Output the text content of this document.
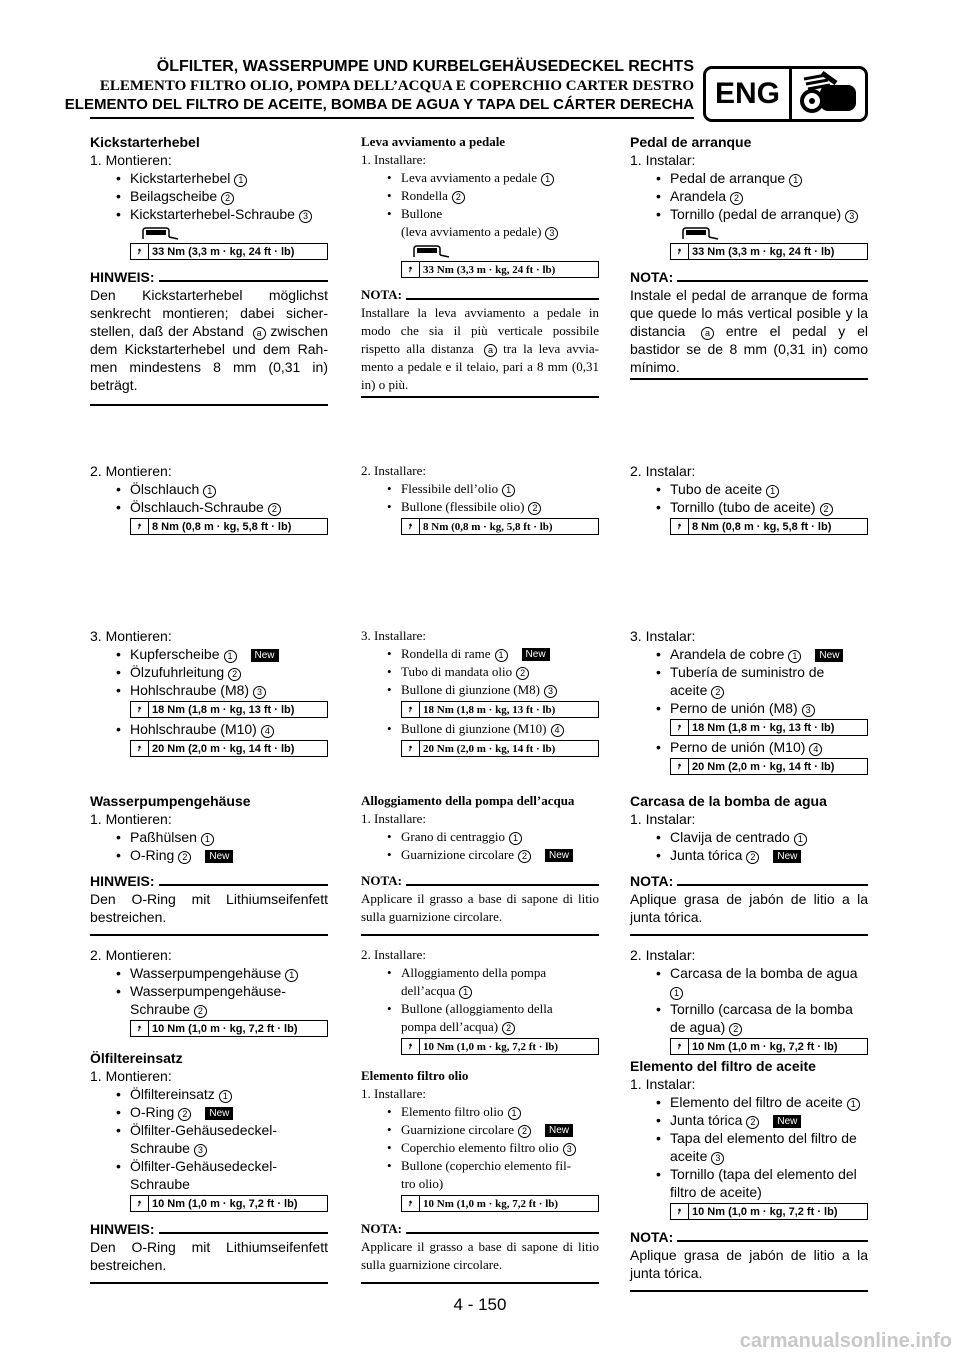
ÖLFILTER, WASSERPUMPE UND KURBELGEHÄUSEDECKEL RECHTS
ELEMENTO FILTRO OLIO, POMPA DELL’ACQUA E COPERCHIO CARTER DESTRO
ELEMENTO DEL FILTRO DE ACEITE, BOMBA DE AGUA Y TAPA DEL CÁRTER DERECHA ENG
Kickstarterhebel
1. Montieren:
• Kickstarterhebel 1
• Beilagscheibe 2
• Kickstarterhebel-Schraube 3
⭎ 33 Nm (3,3 m · kg, 24 ft · lb)
HINWEIS:
Den Kickstarterhebel möglichst senkrecht montieren; dabei sicher-stellen, daß der Abstand a zwischen dem Kickstarterhebel und dem Rah-men mindestens 8 mm (0,31 in) beträgt.
2. Montieren:
• Ölschlauch 1
• Ölschlauch-Schraube 2
⭎ 8 Nm (0,8 m · kg, 5,8 ft · lb)
3. Montieren:
• Kupferscheibe 1 New
• Ölzufuhrleitung 2
• Hohlschraube (M8) 3
⭎ 18 Nm (1,8 m · kg, 13 ft · lb)
• Hohlschraube (M10) 4
⭎ 20 Nm (2,0 m · kg, 14 ft · lb)
Wasserpumpengehäuse
1. Montieren:
• Paßhülsen 1
• O-Ring 2 New
HINWEIS:
Den O-Ring mit Lithiumseifenfett bestreichen.
2. Montieren:
• Wasserpumpengehäuse 1
• Wasserpumpengehäuse-
Schraube 2
⭎ 10 Nm (1,0 m · kg, 7,2 ft · lb)
Ölfiltereinsatz
1. Montieren:
• Ölfiltereinsatz 1
• O-Ring 2 New
• Ölfilter-Gehäusedeckel-
Schraube 3
• Ölfilter-Gehäusedeckel-
Schraube
⭎ 10 Nm (1,0 m · kg, 7,2 ft · lb)
HINWEIS:
Den O-Ring mit Lithiumseifenfett bestreichen.
Leva avviamento a pedale
1. Installare:
• Leva avviamento a pedale 1
• Rondella 2
• Bullone
(leva avviamento a pedale) 3
⭎ 33 Nm (3,3 m · kg, 24 ft · lb)
NOTA:
Installare la leva avviamento a pedale in modo che sia il più verticale possibile rispetto alla distanza a tra la leva avvia-mento a pedale e il telaio, pari a 8 mm (0,31 in) o più.
2. Installare:
• Flessibile dell’olio 1
• Bullone (flessibile olio) 2
⭎ 8 Nm (0,8 m · kg, 5,8 ft · lb)
3. Installare:
• Rondella di rame 1 New
• Tubo di mandata olio 2
• Bullone di giunzione (M8) 3
⭎ 18 Nm (1,8 m · kg, 13 ft · lb)
• Bullone di giunzione (M10) 4
⭎ 20 Nm (2,0 m · kg, 14 ft · lb)
Alloggiamento della pompa dell’acqua
1. Installare:
• Grano di centraggio 1
• Guarnizione circolare 2 New
NOTA:
Applicare il grasso a base di sapone di litio sulla guarnizione circolare.
2. Installare:
• Alloggiamento della pompa
dell’acqua 1
• Bullone (alloggiamento della
pompa dell’acqua) 2
⭎ 10 Nm (1,0 m · kg, 7,2 ft · lb)
Elemento filtro olio
1. Installare:
• Elemento filtro olio 1
• Guarnizione circolare 2 New
• Coperchio elemento filtro olio 3
• Bullone (coperchio elemento fil-
tro olio)
⭎ 10 Nm (1,0 m · kg, 7,2 ft · lb)
NOTA:
Applicare il grasso a base di sapone di litio sulla guarnizione circolare.
Pedal de arranque
1. Instalar:
• Pedal de arranque 1
• Arandela 2
• Tornillo (pedal de arranque) 3
⭎ 33 Nm (3,3 m · kg, 24 ft · lb)
NOTA:
Instale el pedal de arranque de forma que quede lo más vertical posible y la distancia a entre el pedal y el bastidor se de 8 mm (0,31 in) como mínimo.
2. Instalar:
• Tubo de aceite 1
• Tornillo (tubo de aceite) 2
⭎ 8 Nm (0,8 m · kg, 5,8 ft · lb)
3. Instalar:
• Arandela de cobre 1 New
• Tubería de suministro de
aceite 2
• Perno de unión (M8) 3
⭎ 18 Nm (1,8 m · kg, 13 ft · lb)
• Perno de unión (M10) 4
⭎ 20 Nm (2,0 m · kg, 14 ft · lb)
Carcasa de la bomba de agua
1. Instalar:
• Clavija de centrado 1
• Junta tórica 2 New
NOTA:
Aplique grasa de jabón de litio a la junta tórica.
2. Instalar:
• Carcasa de la bomba de agua
1
• Tornillo (carcasa de la bomba
de agua) 2
⭎ 10 Nm (1,0 m · kg, 7,2 ft · lb)
Elemento del filtro de aceite
1. Instalar:
• Elemento del filtro de aceite 1
• Junta tórica 2 New
• Tapa del elemento del filtro de
aceite 3
• Tornillo (tapa del elemento del
filtro de aceite)
⭎ 10 Nm (1,0 m · kg, 7,2 ft · lb)
NOTA:
Aplique grasa de jabón de litio a la junta tórica.
4 - 150
carmanualsonline.info
